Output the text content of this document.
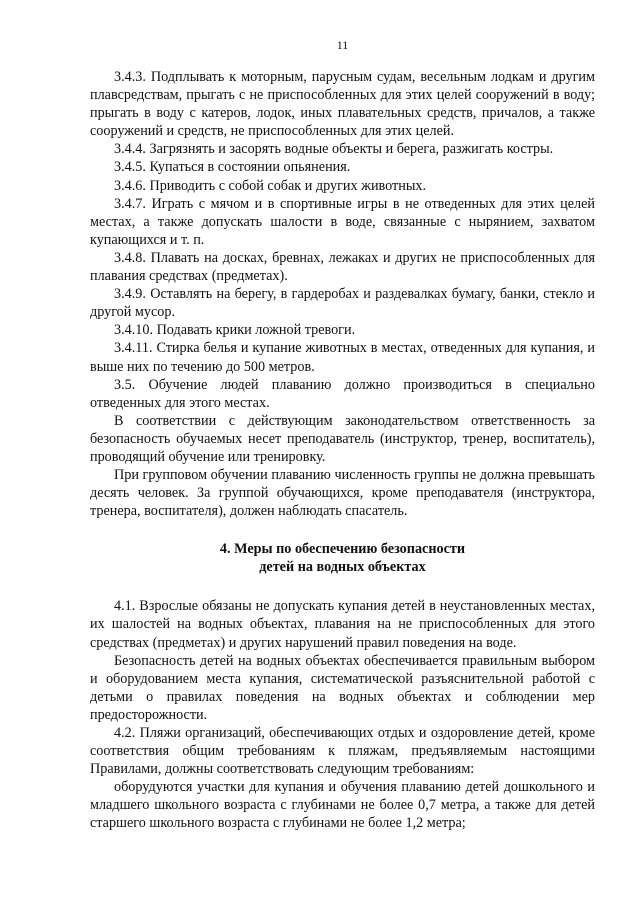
11

3.4.3. Подплывать к моторным, парусным судам, весельным лодкам и другим плавсредствам, прыгать с не приспособленных для этих целей сооружений в воду; прыгать в воду с катеров, лодок, иных плавательных средств, причалов, а также сооружений и средств, не приспособленных для этих целей.

3.4.4. Загрязнять и засорять водные объекты и берега, разжигать костры.

3.4.5. Купаться в состоянии опьянения.

3.4.6. Приводить с собой собак и других животных.

3.4.7. Играть с мячом и в спортивные игры в не отведенных для этих целей местах, а также допускать шалости в воде, связанные с нырянием, захватом купающихся и т. п.

3.4.8. Плавать на досках, бревнах, лежаках и других не приспособленных для плавания средствах (предметах).

3.4.9. Оставлять на берегу, в гардеробах и раздевалках бумагу, банки, стекло и другой мусор.

3.4.10. Подавать крики ложной тревоги.

3.4.11. Стирка белья и купание животных в местах, отведенных для купания, и выше них по течению до 500 метров.

3.5. Обучение людей плаванию должно производиться в специально отведенных для этого местах.

В соответствии с действующим законодательством ответственность за безопасность обучаемых несет преподаватель (инструктор, тренер, воспитатель), проводящий обучение или тренировку.

При групповом обучении плаванию численность группы не должна превышать десять человек. За группой обучающихся, кроме преподавателя (инструктора, тренера, воспитателя), должен наблюдать спасатель.

4. Меры по обеспечению безопасности
детей на водных объектах

4.1. Взрослые обязаны не допускать купания детей в неустановленных местах, их шалостей на водных объектах, плавания на не приспособленных для этого средствах (предметах) и других нарушений правил поведения на воде.

Безопасность детей на водных объектах обеспечивается правильным выбором и оборудованием места купания, систематической разъяснительной работой с детьми о правилах поведения на водных объектах и соблюдении мер предосторожности.

4.2. Пляжи организаций, обеспечивающих отдых и оздоровление детей, кроме соответствия общим требованиям к пляжам, предъявляемым настоящими Правилами, должны соответствовать следующим требованиям:

оборудуются участки для купания и обучения плаванию детей дошкольного и младшего школьного возраста с глубинами не более 0,7 метра, а также для детей старшего школьного возраста с глубинами не более 1,2 метра;
